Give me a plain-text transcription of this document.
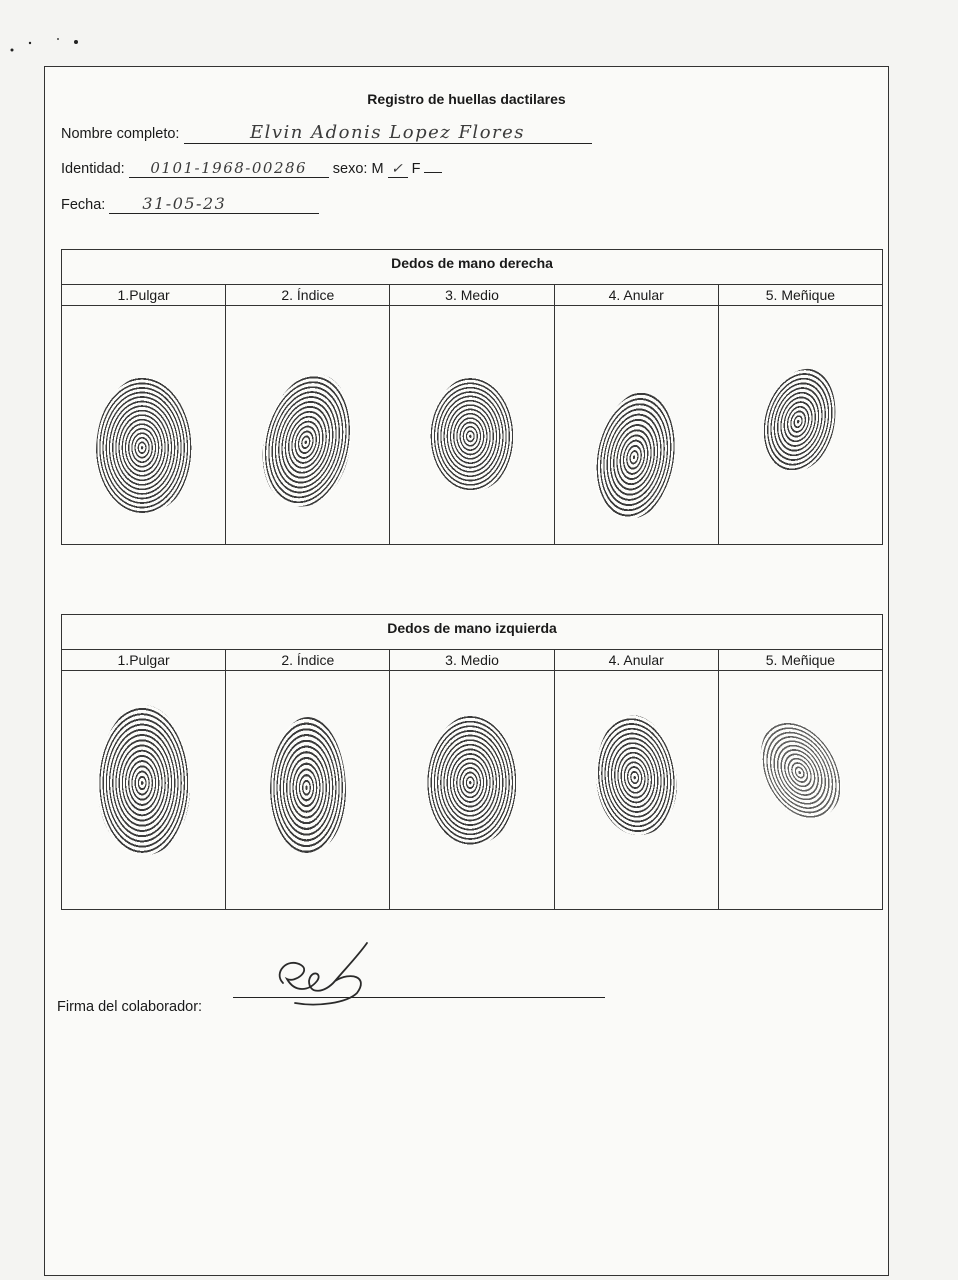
Registro de huellas dactilares
Nombre completo:	Elvin Adonis Lopez Flores
Identidad: 0101-1968-00286 sexo: M ✓ F
Fecha: 31-05-23
Dedos de mano derecha
1.Pulgar	2. Índice	3. Medio	4. Anular	5. Meñique
Dedos de mano izquierda
1.Pulgar	2. Índice	3. Medio	4. Anular	5. Meñique
Firma del colaborador:
